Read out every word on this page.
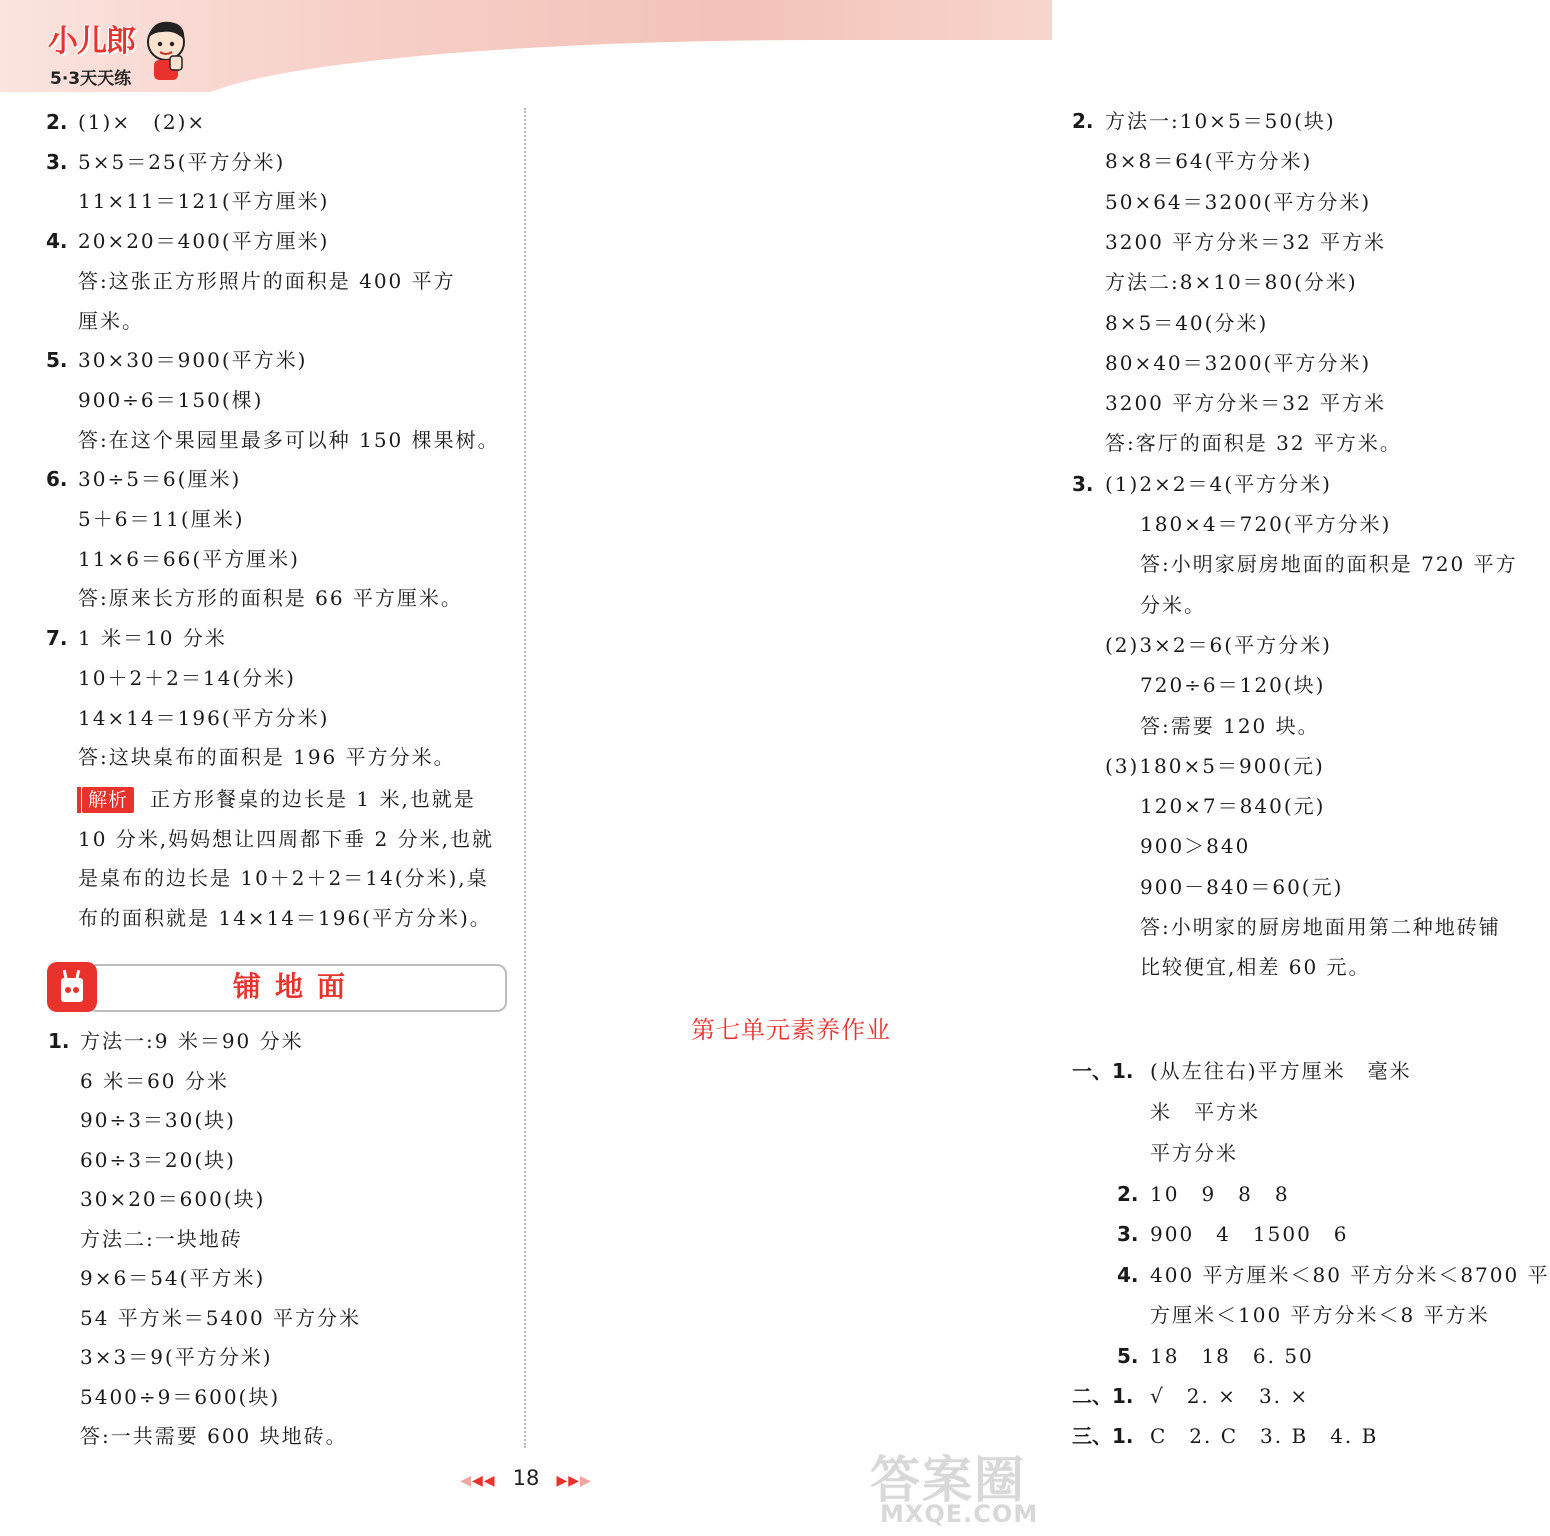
小儿郎
5·3天天练
2. (1)×　(2)×
3. 5×5＝25(平方分米)
11×11＝121(平方厘米)
4. 20×20＝400(平方厘米)
答:这张正方形照片的面积是 400 平方
厘米。
5. 30×30＝900(平方米)
900÷6＝150(棵)
答:在这个果园里最多可以种 150 棵果树。
6. 30÷5＝6(厘米)
5＋6＝11(厘米)
11×6＝66(平方厘米)
答:原来长方形的面积是 66 平方厘米。
7. 1 米＝10 分米
10＋2＋2＝14(分米)
14×14＝196(平方分米)
答:这块桌布的面积是 196 平方分米。
解析 正方形餐桌的边长是 1 米,也就是
10 分米,妈妈想让四周都下垂 2 分米,也就
是桌布的边长是 10＋2＋2＝14(分米),桌
布的面积就是 14×14＝196(平方分米)。
铺地面
1. 方法一:9 米＝90 分米
6 米＝60 分米
90÷3＝30(块)
60÷3＝20(块)
30×20＝600(块)
方法二:一块地砖
9×6＝54(平方米)
54 平方米＝5400 平方分米
3×3＝9(平方分米)
5400÷9＝600(块)
答:一共需要 600 块地砖。
2. 方法一:10×5＝50(块)
8×8＝64(平方分米)
50×64＝3200(平方分米)
3200 平方分米＝32 平方米
方法二:8×10＝80(分米)
8×5＝40(分米)
80×40＝3200(平方分米)
3200 平方分米＝32 平方米
答:客厅的面积是 32 平方米。
3. (1)2×2＝4(平方分米)
180×4＝720(平方分米)
答:小明家厨房地面的面积是 720 平方
分米。
(2)3×2＝6(平方分米)
720÷6＝120(块)
答:需要 120 块。
(3)180×5＝900(元)
120×7＝840(元)
900＞840
900－840＝60(元)
答:小明家的厨房地面用第二种地砖铺
比较便宜,相差 60 元。
第七单元素养作业
一、1. (从左往右)平方厘米　毫米
米　平方米
平方分米
2. 10　9　8　8
3. 900　4　1500　6
4. 400 平方厘米＜80 平方分米＜8700 平
方厘米＜100 平方分米＜8 平方米
5. 18　18　6. 50
二、1. √　2. ×　3. ×
三、1. C　2. C　3. B　4. B
◀◀◀ 18 ▶▶▶	答案圈
MXQE.COM
